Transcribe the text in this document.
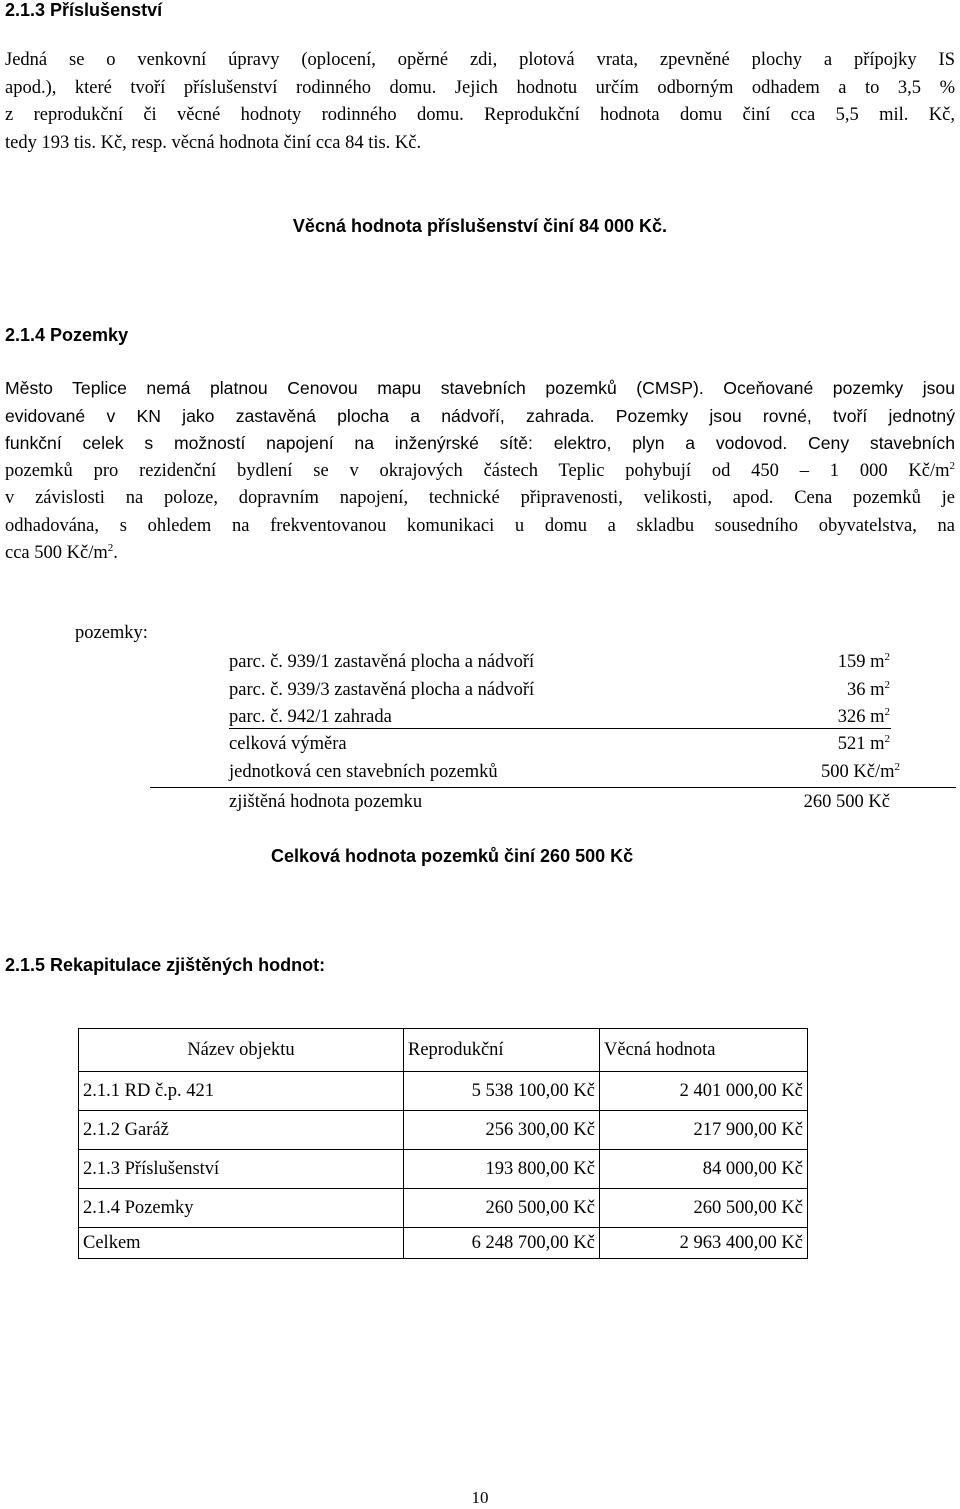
2.1.3 Příslušenství
Jedná se o venkovní úpravy (oplocení, opěrné zdi, plotová vrata, zpevněné plochy a přípojky IS
apod.), které tvoří příslušenství rodinného domu. Jejich hodnotu určím odborným odhadem a to 3,5 %
z reprodukční či věcné hodnoty rodinného domu. Reprodukční hodnota domu činí cca 5,5 mil. Kč,
tedy 193 tis. Kč, resp. věcná hodnota činí cca 84 tis. Kč.
Věcná hodnota příslušenství činí 84 000 Kč.
2.1.4 Pozemky
Město Teplice nemá platnou Cenovou mapu stavebních pozemků (CMSP). Oceňované pozemky jsou
evidované v KN jako zastavěná plocha a nádvoří, zahrada. Pozemky jsou rovné, tvoří jednotný
funkční celek s možností napojení na inženýrské sítě: elektro, plyn a vodovod. Ceny stavebních
pozemků pro rezidenční bydlení se v okrajových částech Teplic pohybují od 450 – 1 000 $Kč/m^2$
v závislosti na poloze, dopravním napojení, technické připravenosti, velikosti, apod. Cena pozemků je
odhadována, s ohledem na frekventovanou komunikaci u domu a skladbu sousedního obyvatelstva, na
cca 500 $Kč/m^2$.
pozemky:
parc. č. 939/1 zastavěná plocha a nádvoří	159 $m^2$
parc. č. 939/3 zastavěná plocha a nádvoří	36 $m^2$
parc. č. 942/1 zahrada	326 $m^2$
celková výměra	521 $m^2$
jednotková cen stavebních pozemků	500 $Kč/m^2$
zjištěná hodnota pozemku	260 500 Kč
Celková hodnota pozemků činí 260 500 Kč
2.1.5 Rekapitulace zjištěných hodnot:
Název objektu	Reprodukční	Věcná hodnota
2.1.1 RD č.p. 421	5 538 100,00 Kč	2 401 000,00 Kč
2.1.2 Garáž	256 300,00 Kč	217 900,00 Kč
2.1.3 Příslušenství	193 800,00 Kč	84 000,00 Kč
2.1.4 Pozemky	260 500,00 Kč	260 500,00 Kč
Celkem	6 248 700,00 Kč	2 963 400,00 Kč
10
